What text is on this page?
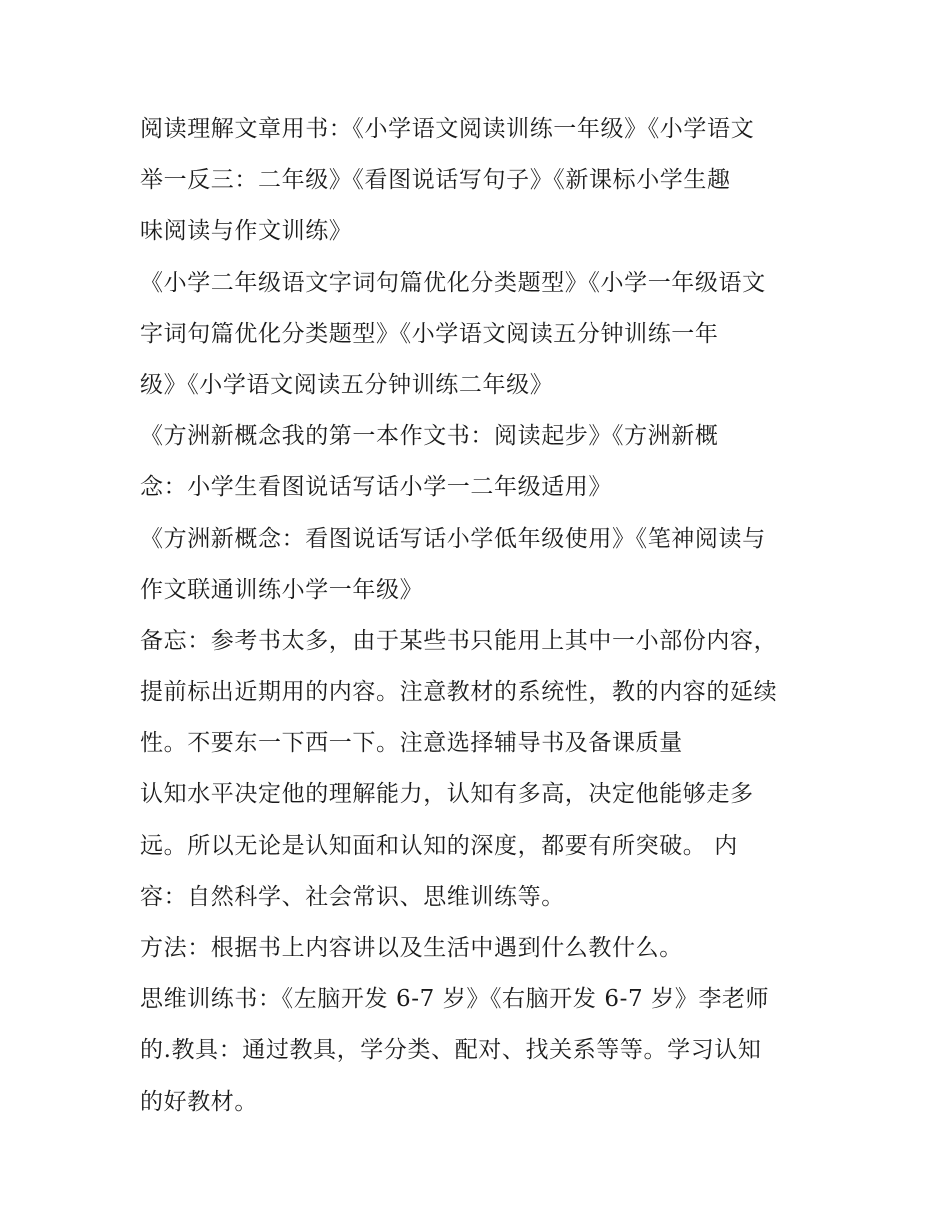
阅读理解文章用书：《小学语文阅读训练一年级》《小学语文
举一反三：二年级》《看图说话写句子》《新课标小学生趣
味阅读与作文训练》
《小学二年级语文字词句篇优化分类题型》《小学一年级语文
字词句篇优化分类题型》《小学语文阅读五分钟训练一年
级》《小学语文阅读五分钟训练二年级》
《方洲新概念我的第一本作文书：阅读起步》《方洲新概
念：小学生看图说话写话小学一二年级适用》
《方洲新概念：看图说话写话小学低年级使用》《笔神阅读与
作文联通训练小学一年级》
备忘：参考书太多，由于某些书只能用上其中一小部份内容，
提前标出近期用的内容。注意教材的系统性，教的内容的延续
性。不要东一下西一下。注意选择辅导书及备课质量
认知水平决定他的理解能力，认知有多高，决定他能够走多
远。所以无论是认知面和认知的深度，都要有所突破。 内
容：自然科学、社会常识、思维训练等。
方法：根据书上内容讲以及生活中遇到什么教什么。
思维训练书：《左脑开发 6-7 岁》《右脑开发 6-7 岁》李老师
的.教具：通过教具，学分类、配对、找关系等等。学习认知
的好教材。
